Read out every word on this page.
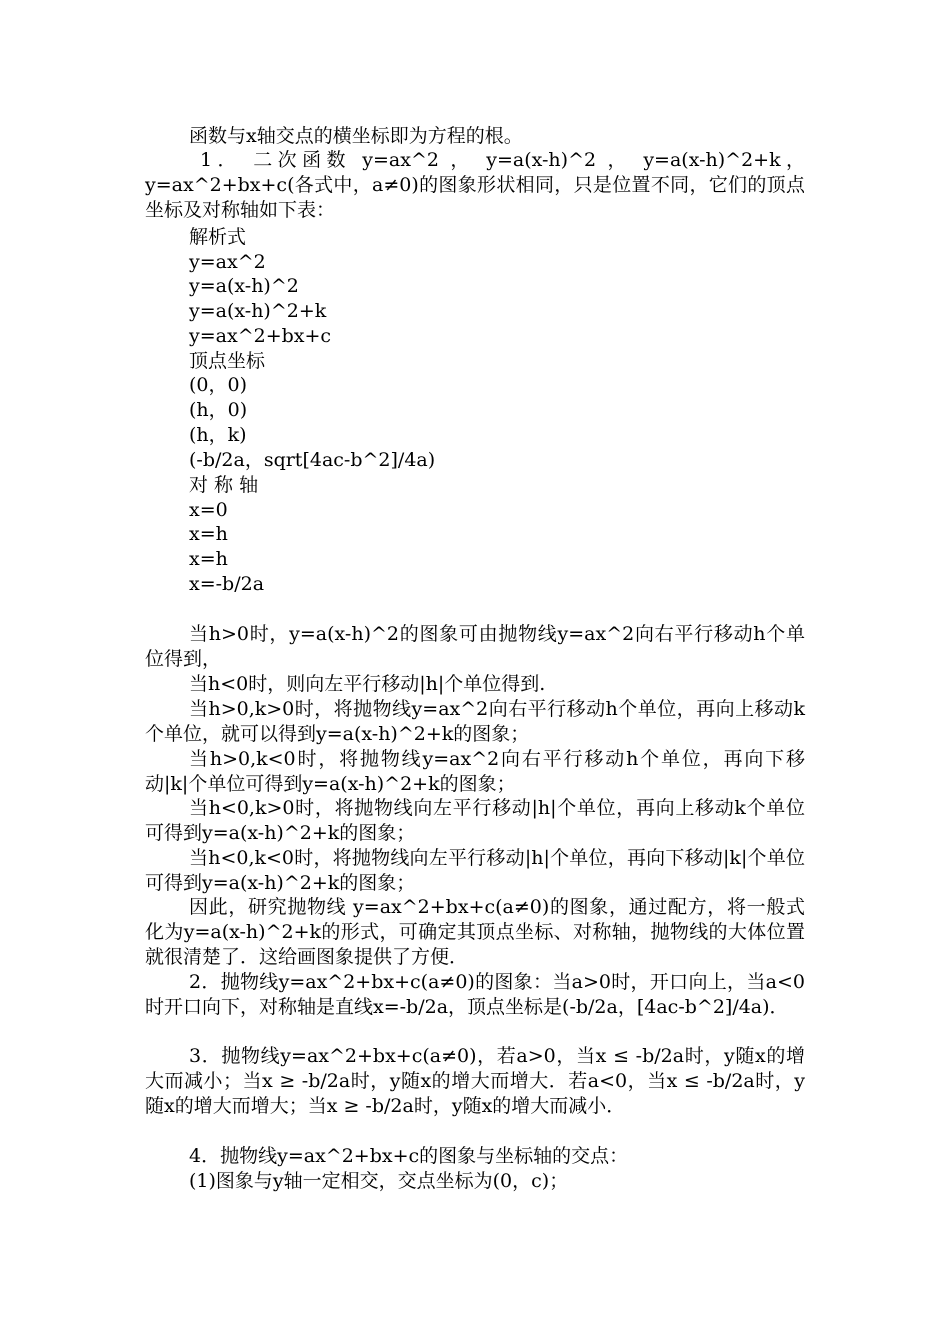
函数与x轴交点的横坐标即为方程的根。

1． 二次函数 y=ax^2 ， y=a(x-h)^2 ， y=a(x-h)^2+k，y=ax^2+bx+c(各式中，a≠0)的图象形状相同，只是位置不同，它们的顶点坐标及对称轴如下表：

解析式

y=ax^2

y=a(x-h)^2

y=a(x-h)^2+k

y=ax^2+bx+c

顶点坐标

(0，0)

(h，0)

(h，k)

(-b/2a，sqrt[4ac-b^2]/4a)

对 称 轴

x=0

x=h

x=h

x=-b/2a

当h>0时，y=a(x-h)^2的图象可由抛物线y=ax^2向右平行移动h个单位得到，

当h<0时，则向左平行移动|h|个单位得到.

当h>0,k>0时，将抛物线y=ax^2向右平行移动h个单位，再向上移动k个单位，就可以得到y=a(x-h)^2+k的图象；

当h>0,k<0时，将抛物线y=ax^2向右平行移动h个单位，再向下移动|k|个单位可得到y=a(x-h)^2+k的图象；

当h<0,k>0时，将抛物线向左平行移动|h|个单位，再向上移动k个单位可得到y=a(x-h)^2+k的图象；

当h<0,k<0时，将抛物线向左平行移动|h|个单位，再向下移动|k|个单位可得到y=a(x-h)^2+k的图象；

因此，研究抛物线 y=ax^2+bx+c(a≠0)的图象，通过配方，将一般式化为y=a(x-h)^2+k的形式，可确定其顶点坐标、对称轴，抛物线的大体位置就很清楚了．这给画图象提供了方便．

2．抛物线y=ax^2+bx+c(a≠0)的图象：当a>0时，开口向上，当a<0时开口向下，对称轴是直线x=-b/2a，顶点坐标是(-b/2a，[4ac-b^2]/4a)．

3．抛物线y=ax^2+bx+c(a≠0)，若a>0，当x ≤ -b/2a时，y随x的增大而减小；当x ≥ -b/2a时，y随x的增大而增大．若a<0，当x ≤ -b/2a时，y随x的增大而增大；当x ≥ -b/2a时，y随x的增大而减小．

4．抛物线y=ax^2+bx+c的图象与坐标轴的交点：

(1)图象与y轴一定相交，交点坐标为(0，c)；
